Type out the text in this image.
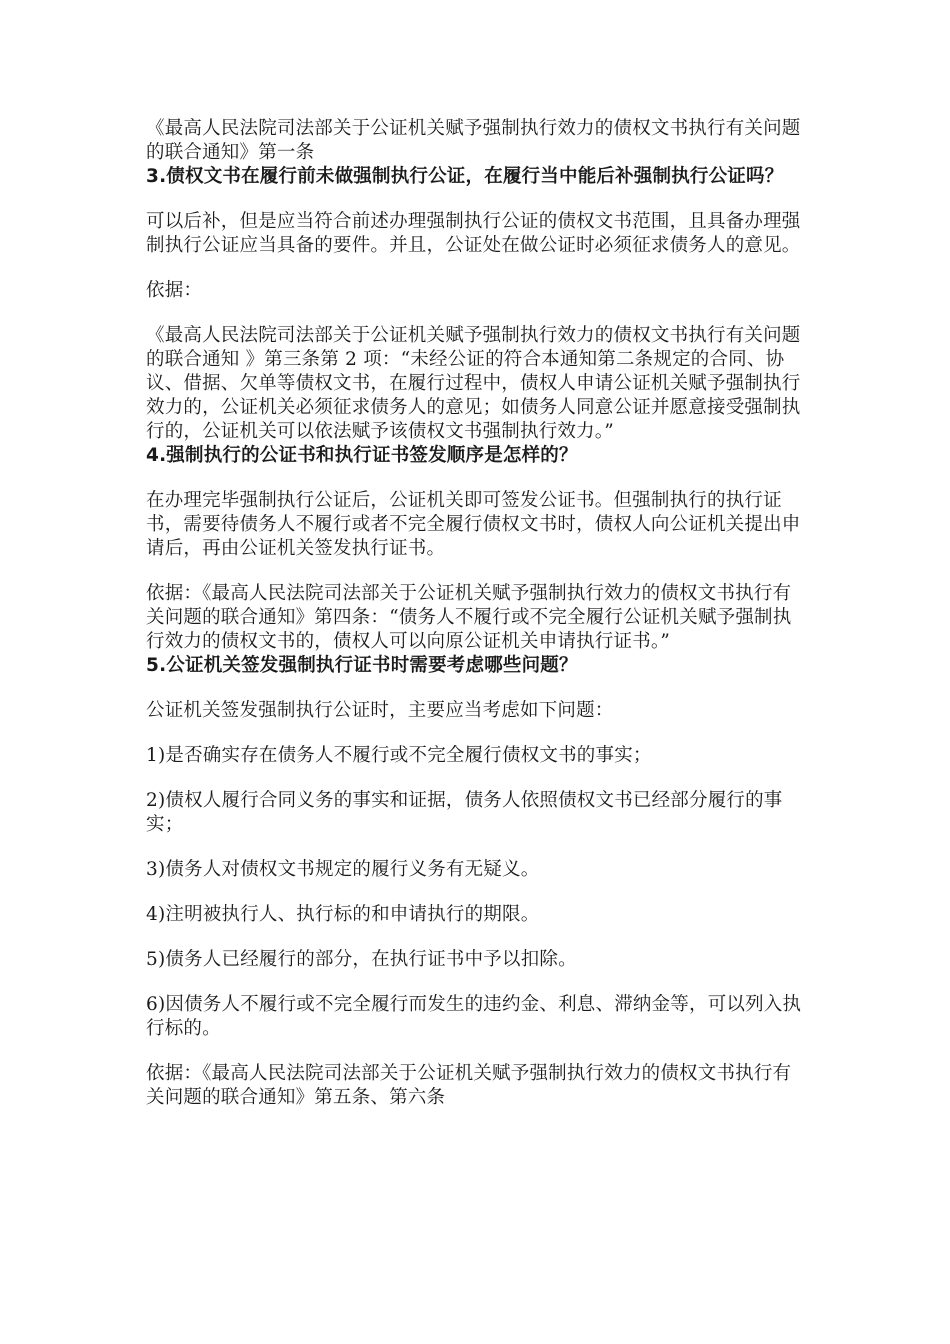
《最高人民法院司法部关于公证机关赋予强制执行效力的债权文书执行有关问题的联合通知》第一条

3.债权文书在履行前未做强制执行公证，在履行当中能后补强制执行公证吗？

可以后补，但是应当符合前述办理强制执行公证的债权文书范围，且具备办理强制执行公证应当具备的要件。并且，公证处在做公证时必须征求债务人的意见。

依据：

《最高人民法院司法部关于公证机关赋予强制执行效力的债权文书执行有关问题的联合通知 》第三条第 2 项：“未经公证的符合本通知第二条规定的合同、协议、借据、欠单等债权文书，在履行过程中，债权人申请公证机关赋予强制执行效力的，公证机关必须征求债务人的意见；如债务人同意公证并愿意接受强制执行的，公证机关可以依法赋予该债权文书强制执行效力。”

4.强制执行的公证书和执行证书签发顺序是怎样的？

在办理完毕强制执行公证后，公证机关即可签发公证书。但强制执行的执行证书，需要待债务人不履行或者不完全履行债权文书时，债权人向公证机关提出申请后，再由公证机关签发执行证书。

依据：《最高人民法院司法部关于公证机关赋予强制执行效力的债权文书执行有关问题的联合通知》第四条：“债务人不履行或不完全履行公证机关赋予强制执行效力的债权文书的，债权人可以向原公证机关申请执行证书。”

5.公证机关签发强制执行证书时需要考虑哪些问题？

公证机关签发强制执行公证时，主要应当考虑如下问题：

1)是否确实存在债务人不履行或不完全履行债权文书的事实；

2)债权人履行合同义务的事实和证据，债务人依照债权文书已经部分履行的事实；

3)债务人对债权文书规定的履行义务有无疑义。

4)注明被执行人、执行标的和申请执行的期限。

5)债务人已经履行的部分，在执行证书中予以扣除。

6)因债务人不履行或不完全履行而发生的违约金、利息、滞纳金等，可以列入执行标的。

依据：《最高人民法院司法部关于公证机关赋予强制执行效力的债权文书执行有关问题的联合通知》第五条、第六条
